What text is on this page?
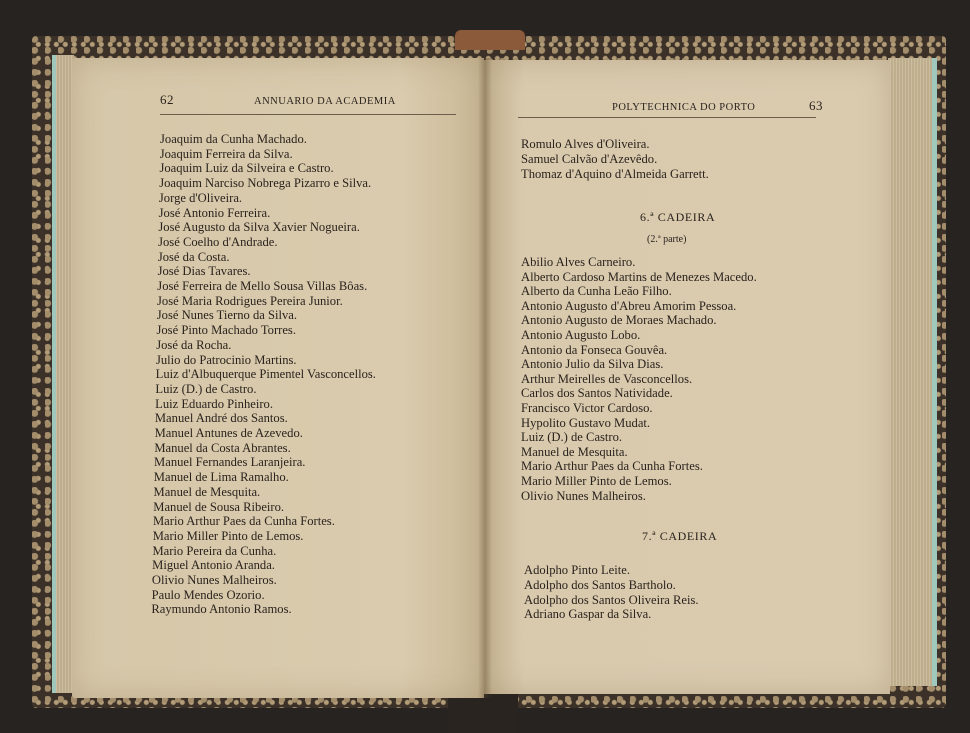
62	ANNUARIO DA ACADEMIA
Joaquim da Cunha Machado.
Joaquim Ferreira da Silva.
Joaquim Luiz da Silveira e Castro.
Joaquim Narciso Nobrega Pizarro e Silva.
Jorge d'Oliveira.
José Antonio Ferreira.
José Augusto da Silva Xavier Nogueira.
José Coelho d'Andrade.
José da Costa.
José Dias Tavares.
José Ferreira de Mello Sousa Villas Bôas.
José Maria Rodrigues Pereira Junior.
José Nunes Tierno da Silva.
José Pinto Machado Torres.
José da Rocha.
Julio do Patrocinio Martins.
Luiz d'Albuquerque Pimentel Vasconcellos.
Luiz (D.) de Castro.
Luiz Eduardo Pinheiro.
Manuel André dos Santos.
Manuel Antunes de Azevedo.
Manuel da Costa Abrantes.
Manuel Fernandes Laranjeira.
Manuel de Lima Ramalho.
Manuel de Mesquita.
Manuel de Sousa Ribeiro.
Mario Arthur Paes da Cunha Fortes.
Mario Miller Pinto de Lemos.
Mario Pereira da Cunha.
Miguel Antonio Aranda.
Olivio Nunes Malheiros.
Paulo Mendes Ozorio.
Raymundo Antonio Ramos.
POLYTECHNICA DO PORTO	63
Romulo Alves d'Oliveira.
Samuel Calvão d'Azevêdo.
Thomaz d'Aquino d'Almeida Garrett.
6.ª CADEIRA
(2.ª parte)
Abilio Alves Carneiro.
Alberto Cardoso Martins de Menezes Macedo.
Alberto da Cunha Leão Filho.
Antonio Augusto d'Abreu Amorim Pessoa.
Antonio Augusto de Moraes Machado.
Antonio Augusto Lobo.
Antonio da Fonseca Gouvêa.
Antonio Julio da Silva Dias.
Arthur Meirelles de Vasconcellos.
Carlos dos Santos Natividade.
Francisco Victor Cardoso.
Hypolito Gustavo Mudat.
Luiz (D.) de Castro.
Manuel de Mesquita.
Mario Arthur Paes da Cunha Fortes.
Mario Miller Pinto de Lemos.
Olivio Nunes Malheiros.
7.ª CADEIRA
Adolpho Pinto Leite.
Adolpho dos Santos Bartholo.
Adolpho dos Santos Oliveira Reis.
Adriano Gaspar da Silva.
